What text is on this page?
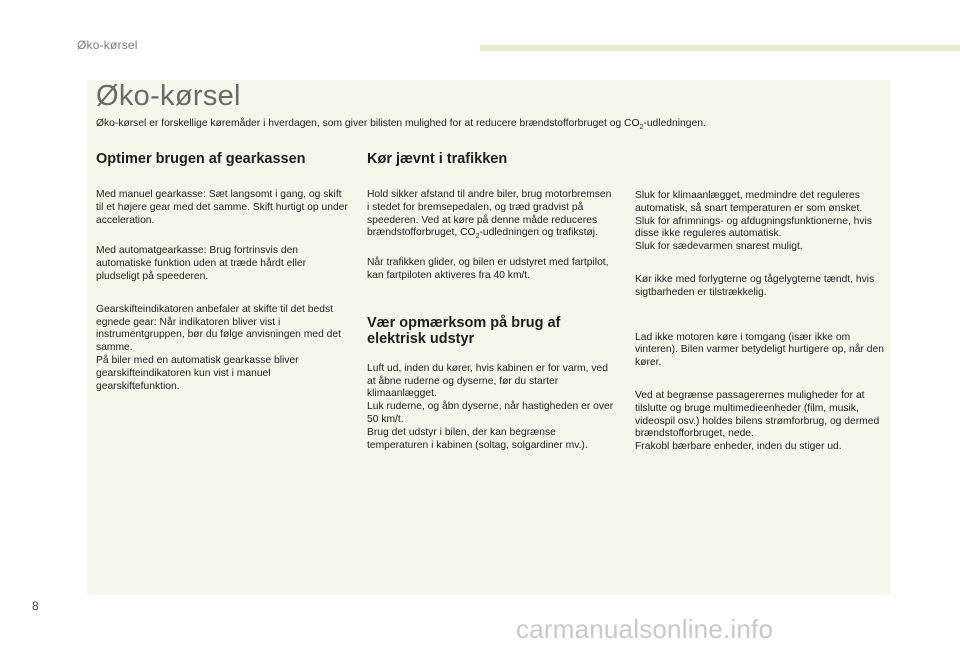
Øko-kørsel
Øko-kørsel
Øko-kørsel er forskellige køremåder i hverdagen, som giver bilisten mulighed for at reducere brændstofforbruget og $CO_2$-udledningen.
Optimer brugen af gearkassen

Med manuel gearkasse: Sæt langsomt i gang, og skift til et højere gear med det samme. Skift hurtigt op under acceleration.

Med automatgearkasse: Brug fortrinsvis den automatiske funktion uden at træde hårdt eller pludseligt på speederen.

Gearskifteindikatoren anbefaler at skifte til det bedst egnede gear: Når indikatoren bliver vist i instrumentgruppen, bør du følge anvisningen med det samme.
På biler med en automatisk gearkasse bliver gearskifteindikatoren kun vist i manuel gearskiftefunktion.

Kør jævnt i trafikken

Hold sikker afstand til andre biler, brug motorbremsen i stedet for bremsepedalen, og træd gradvist på speederen. Ved at køre på denne måde reduceres brændstofforbruget, $CO_2$-udledningen og trafikstøj.

Når trafikken glider, og bilen er udstyret med fartpilot, kan fartpiloten aktiveres fra 40 km/t.

Vær opmærksom på brug af elektrisk udstyr

Luft ud, inden du kører, hvis kabinen er for varm, ved at åbne ruderne og dyserne, før du starter klimaanlægget.
Luk ruderne, og åbn dyserne, når hastigheden er over 50 km/t.
Brug det udstyr i bilen, der kan begrænse temperaturen i kabinen (soltag, solgardiner mv.).

Sluk for klimaanlægget, medmindre det reguleres automatisk, så snart temperaturen er som ønsket.
Sluk for afrimnings- og afdugningsfunktionerne, hvis disse ikke reguleres automatisk.
Sluk for sædevarmen snarest muligt.

Kør ikke med forlygterne og tågelygterne tændt, hvis sigtbarheden er tilstrækkelig.

Lad ikke motoren køre i tomgang (især ikke om vinteren). Bilen varmer betydeligt hurtigere op, når den kører.

Ved at begrænse passagerernes muligheder for at tilslutte og bruge multimedieenheder (film, musik, videospil osv.) holdes bilens strømforbrug, og dermed brændstofforbruget, nede.
Frakobl bærbare enheder, inden du stiger ud.

8
carmanualsonline.info
